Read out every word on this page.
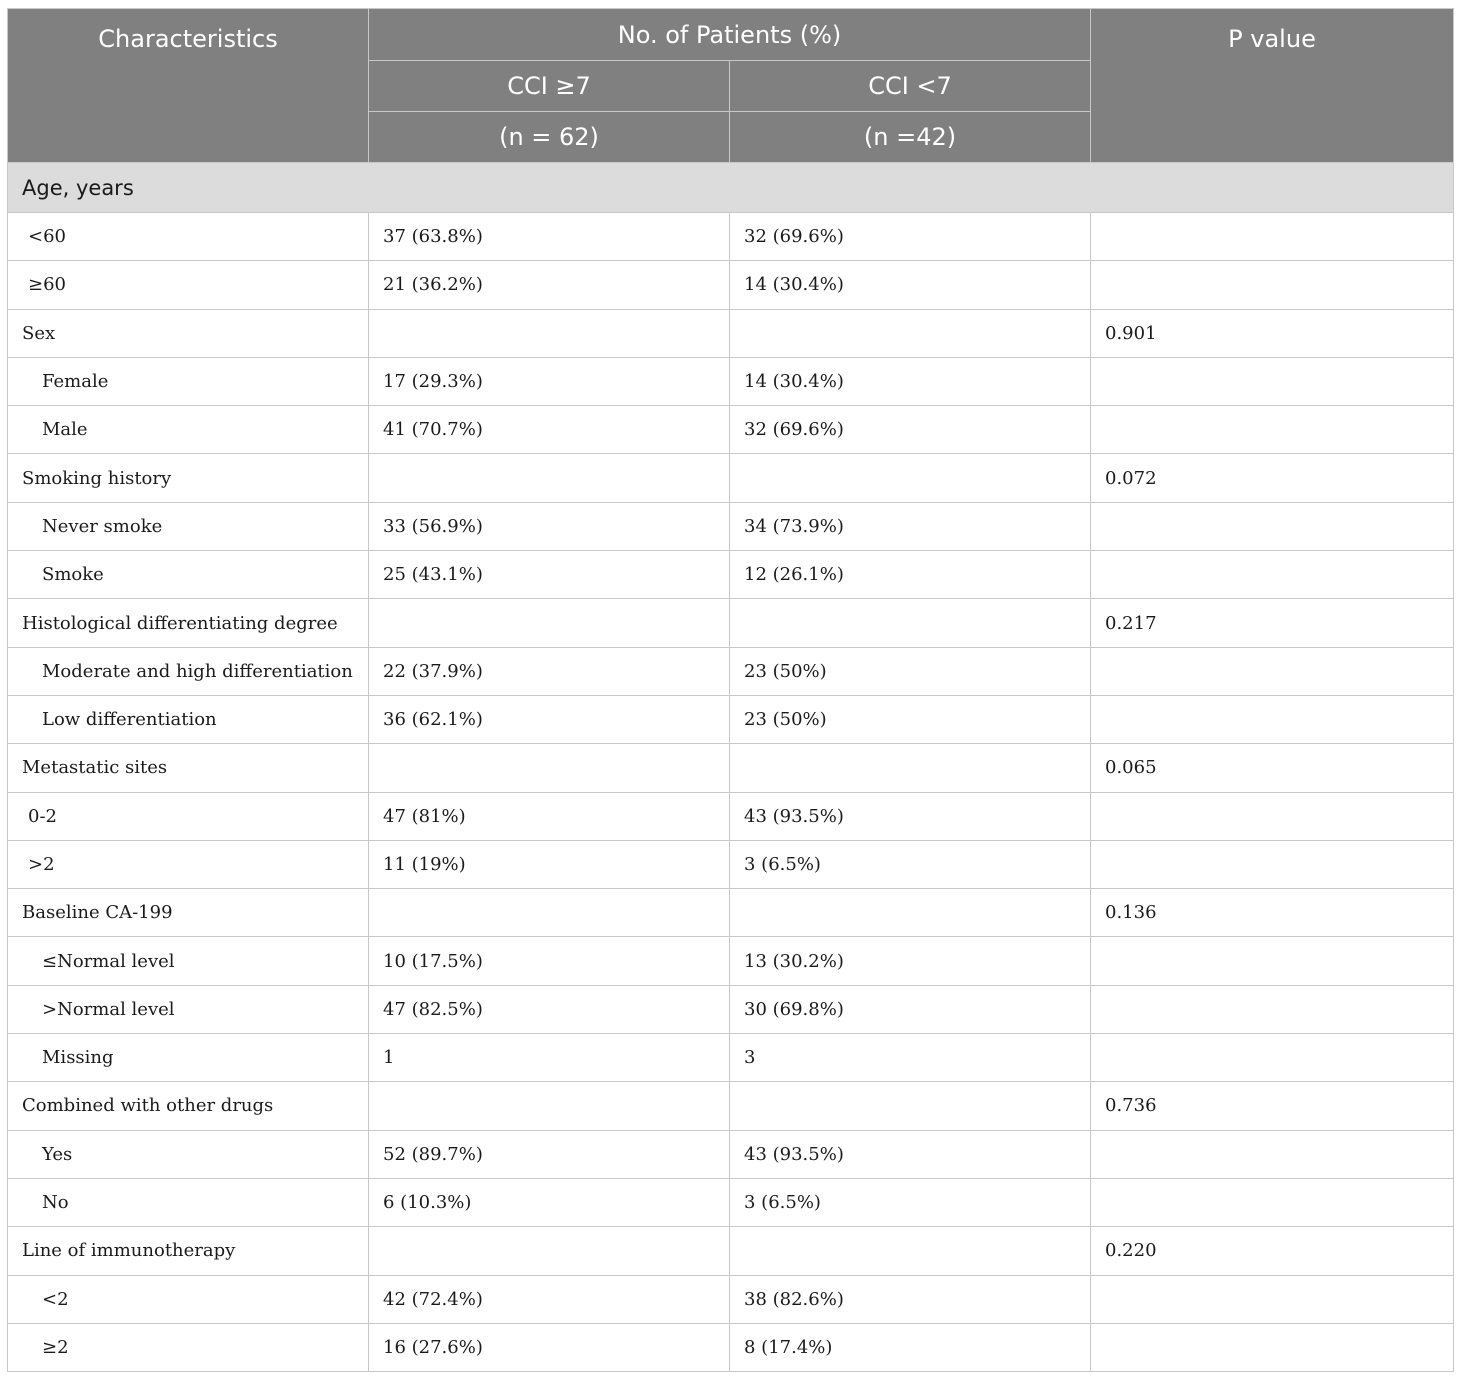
Characteristics	No. of Patients (%)		P value
	CCI ≥7	CCI <7	
	(n = 62)	(n =42)	
Age, years			
<60	37 (63.8%)	32 (69.6%)	
≥60	21 (36.2%)	14 (30.4%)	
Sex			0.901
Female	17 (29.3%)	14 (30.4%)	
Male	41 (70.7%)	32 (69.6%)	
Smoking history			0.072
Never smoke	33 (56.9%)	34 (73.9%)	
Smoke	25 (43.1%)	12 (26.1%)	
Histological differentiating degree			0.217
Moderate and high differentiation	22 (37.9%)	23 (50%)	
Low differentiation	36 (62.1%)	23 (50%)	
Metastatic sites			0.065
0-2	47 (81%)	43 (93.5%)	
>2	11 (19%)	3 (6.5%)	
Baseline CA-199			0.136
≤Normal level	10 (17.5%)	13 (30.2%)	
>Normal level	47 (82.5%)	30 (69.8%)	
Missing	1	3	
Combined with other drugs			0.736
Yes	52 (89.7%)	43 (93.5%)	
No	6 (10.3%)	3 (6.5%)	
Line of immunotherapy			0.220
<2	42 (72.4%)	38 (82.6%)	
≥2	16 (27.6%)	8 (17.4%)	
